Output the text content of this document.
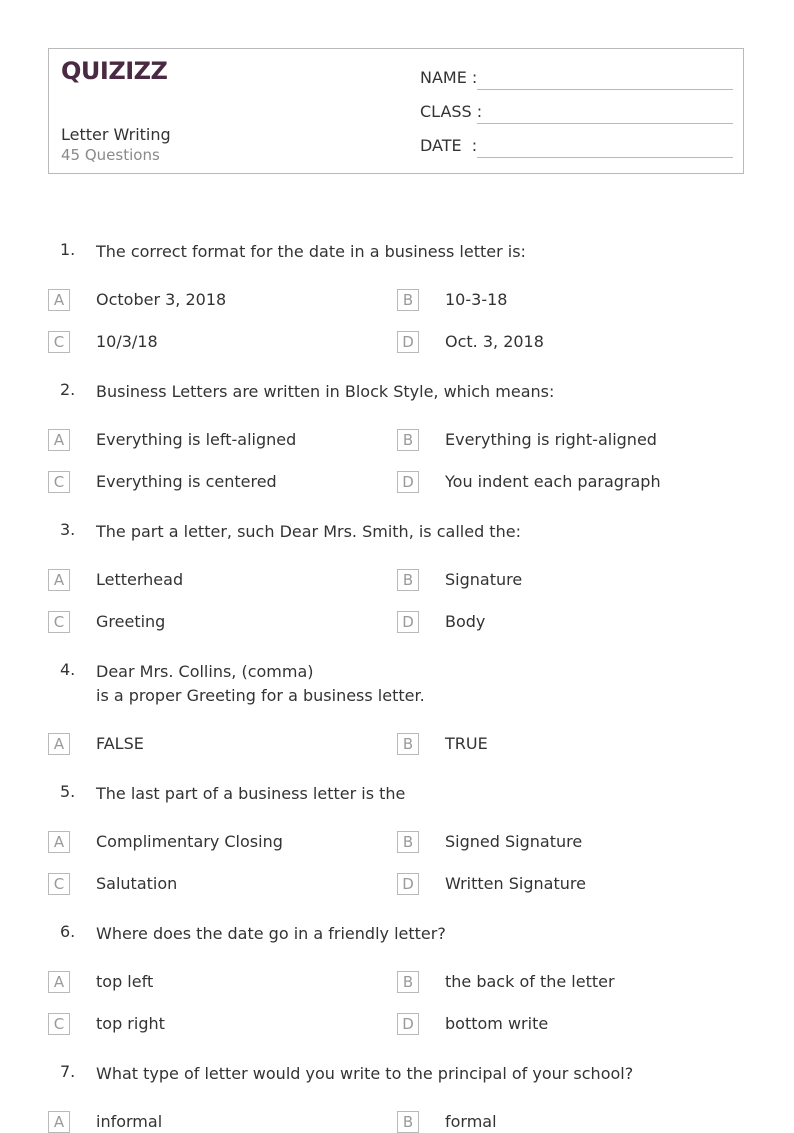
QUIZIZZ
Letter Writing
45 Questions
NAME :
CLASS :
DATE  :
1. The correct format for the date in a business letter is:
A	October 3, 2018	B	10-3-18
C	10/3/18	D	Oct. 3, 2018
2. Business Letters are written in Block Style, which means:
A	Everything is left-aligned	B	Everything is right-aligned
C	Everything is centered	D	You indent each paragraph
3. The part a letter, such Dear Mrs. Smith, is called the:
A	Letterhead	B	Signature
C	Greeting	D	Body
4. Dear Mrs. Collins, (comma)
is a proper Greeting for a business letter.
A	FALSE	B	TRUE
5. The last part of a business letter is the
A	Complimentary Closing	B	Signed Signature
C	Salutation	D	Written Signature
6. Where does the date go in a friendly letter?
A	top left	B	the back of the letter
C	top right	D	bottom write
7. What type of letter would you write to the principal of your school?
A	informal	B	formal
